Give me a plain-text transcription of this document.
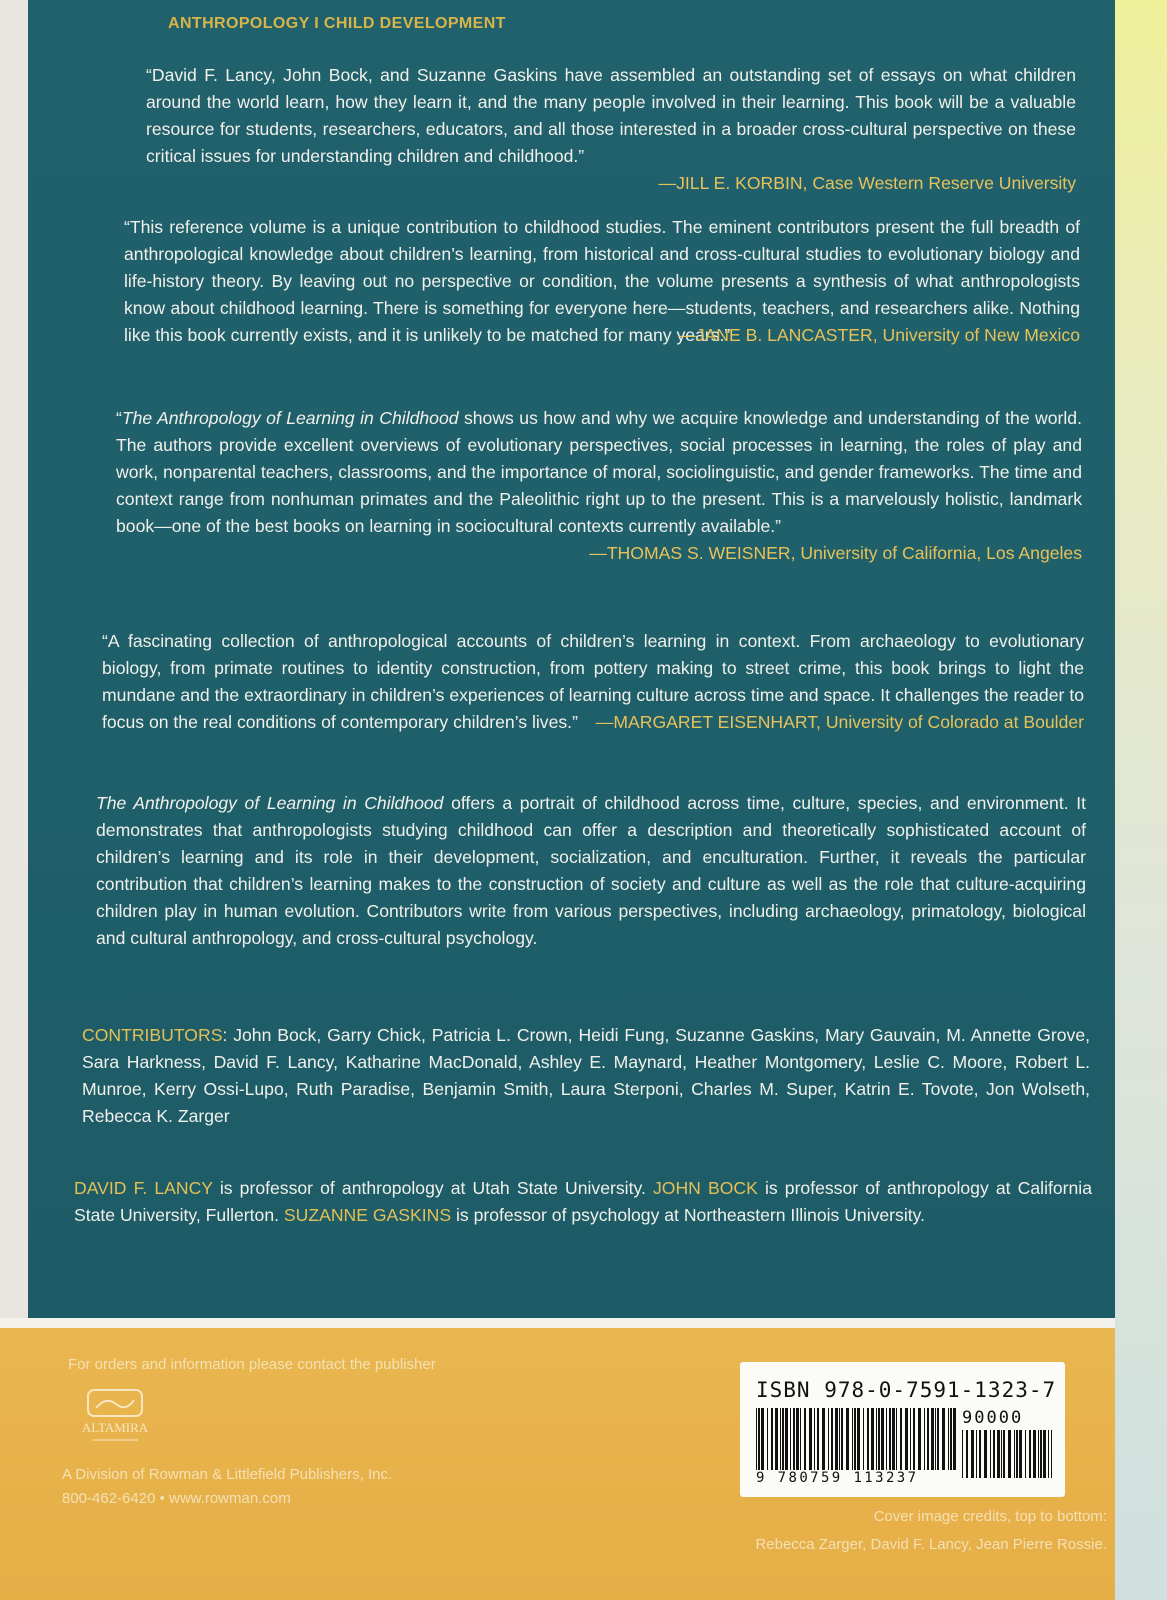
ANTHROPOLOGY I CHILD DEVELOPMENT

“David F. Lancy, John Bock, and Suzanne Gaskins have assembled an outstanding set of essays on what children around the world learn, how they learn it, and the many people involved in their learning. This book will be a valuable resource for students, researchers, educators, and all those interested in a broader cross-cultural perspective on these critical issues for understanding children and childhood.”

—JILL E. KORBIN, Case Western Reserve University

“This reference volume is a unique contribution to childhood studies. The eminent contributors present the full breadth of anthropological knowledge about children’s learning, from historical and cross-cultural studies to evolutionary biology and life-history theory. By leaving out no perspective or condition, the volume presents a synthesis of what anthropologists know about childhood learning. There is something for everyone here—students, teachers, and researchers alike. Nothing like this book currently exists, and it is unlikely to be matched for many years.”

—JANE B. LANCASTER, University of New Mexico

“The Anthropology of Learning in Childhood shows us how and why we acquire knowledge and understanding of the world. The authors provide excellent overviews of evolutionary perspectives, social processes in learning, the roles of play and work, nonparental teachers, classrooms, and the importance of moral, sociolinguistic, and gender frameworks. The time and context range from nonhuman primates and the Paleolithic right up to the present. This is a marvelously holistic, landmark book—one of the best books on learning in sociocultural contexts currently available.”

—THOMAS S. WEISNER, University of California, Los Angeles

“A fascinating collection of anthropological accounts of children’s learning in context. From archaeology to evolutionary biology, from primate routines to identity construction, from pottery making to street crime, this book brings to light the mundane and the extraordinary in children’s experiences of learning culture across time and space. It challenges the reader to focus on the real conditions of contemporary children’s lives.”	—MARGARET EISENHART, University of Colorado at Boulder

The Anthropology of Learning in Childhood offers a portrait of childhood across time, culture, species, and environment. It demonstrates that anthropologists studying childhood can offer a description and theoretically sophisticated account of children’s learning and its role in their development, socialization, and enculturation. Further, it reveals the particular contribution that children’s learning makes to the construction of society and culture as well as the role that culture-acquiring children play in human evolution. Contributors write from various perspectives, including archaeology, primatology, biological and cultural anthropology, and cross-cultural psychology.

CONTRIBUTORS: John Bock, Garry Chick, Patricia L. Crown, Heidi Fung, Suzanne Gaskins, Mary Gauvain, M. Annette Grove, Sara Harkness, David F. Lancy, Katharine MacDonald, Ashley E. Maynard, Heather Montgomery, Leslie C. Moore, Robert L. Munroe, Kerry Ossi-Lupo, Ruth Paradise, Benjamin Smith, Laura Sterponi, Charles M. Super, Katrin E. Tovote, Jon Wolseth, Rebecca K. Zarger

DAVID F. LANCY is professor of anthropology at Utah State University. JOHN BOCK is professor of anthropology at California State University, Fullerton. SUZANNE GASKINS is professor of psychology at Northeastern Illinois University.

For orders and information please contact the publisher
ALTAMIRA
A Division of Rowman & Littlefield Publishers, Inc.
800-462-6420 • www.rowman.com
ISBN 978-0-7591-1323-7
90000
9 780759 113237
Cover image credits, top to bottom:
Rebecca Zarger, David F. Lancy, Jean Pierre Rossie.
